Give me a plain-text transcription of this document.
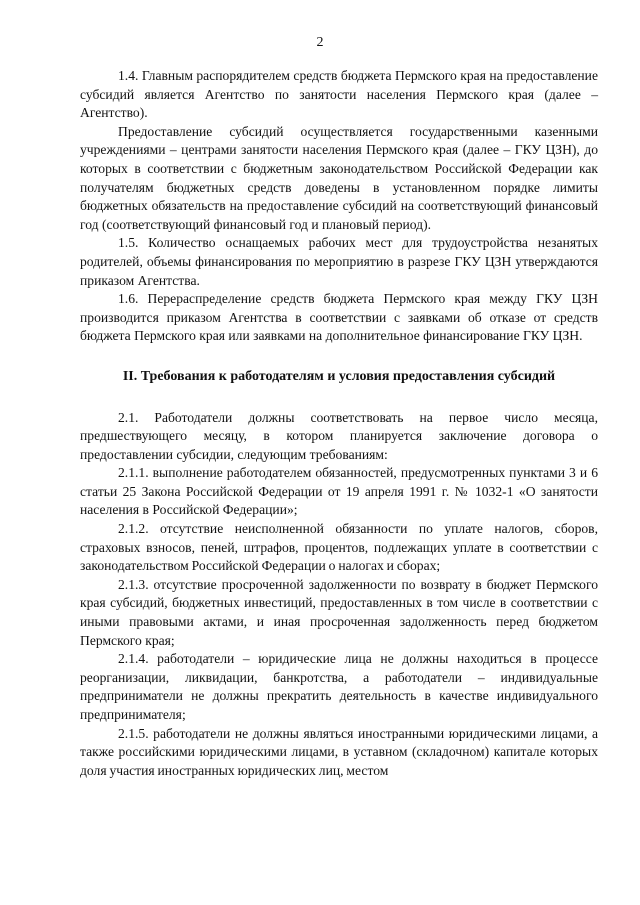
2

1.4. Главным распорядителем средств бюджета Пермского края на предоставление субсидий является Агентство по занятости населения Пермского края (далее – Агентство).

Предоставление субсидий осуществляется государственными казенными учреждениями – центрами занятости населения Пермского края (далее – ГКУ ЦЗН), до которых в соответствии с бюджетным законодательством Российской Федерации как получателям бюджетных средств доведены в установленном порядке лимиты бюджетных обязательств на предоставление субсидий на соответствующий финансовый год (соответствующий финансовый год и плановый период).

1.5. Количество оснащаемых рабочих мест для трудоустройства незанятых родителей, объемы финансирования по мероприятию в разрезе ГКУ ЦЗН утверждаются приказом Агентства.

1.6. Перераспределение средств бюджета Пермского края между ГКУ ЦЗН производится приказом Агентства в соответствии с заявками об отказе от средств бюджета Пермского края или заявками на дополнительное финансирование ГКУ ЦЗН.

II. Требования к работодателям и условия предоставления субсидий

2.1. Работодатели должны соответствовать на первое число месяца, предшествующего месяцу, в котором планируется заключение договора о предоставлении субсидии, следующим требованиям:

2.1.1. выполнение работодателем обязанностей, предусмотренных пунктами 3 и 6 статьи 25 Закона Российской Федерации от 19 апреля 1991 г. № 1032-1 «О занятости населения в Российской Федерации»;

2.1.2. отсутствие неисполненной обязанности по уплате налогов, сборов, страховых взносов, пеней, штрафов, процентов, подлежащих уплате в соответствии с законодательством Российской Федерации о налогах и сборах;

2.1.3. отсутствие просроченной задолженности по возврату в бюджет Пермского края субсидий, бюджетных инвестиций, предоставленных в том числе в соответствии с иными правовыми актами, и иная просроченная задолженность перед бюджетом Пермского края;

2.1.4. работодатели – юридические лица не должны находиться в процессе реорганизации, ликвидации, банкротства, а работодатели – индивидуальные предприниматели не должны прекратить деятельность в качестве индивидуального предпринимателя;

2.1.5. работодатели не должны являться иностранными юридическими лицами, а также российскими юридическими лицами, в уставном (складочном) капитале которых доля участия иностранных юридических лиц, местом
